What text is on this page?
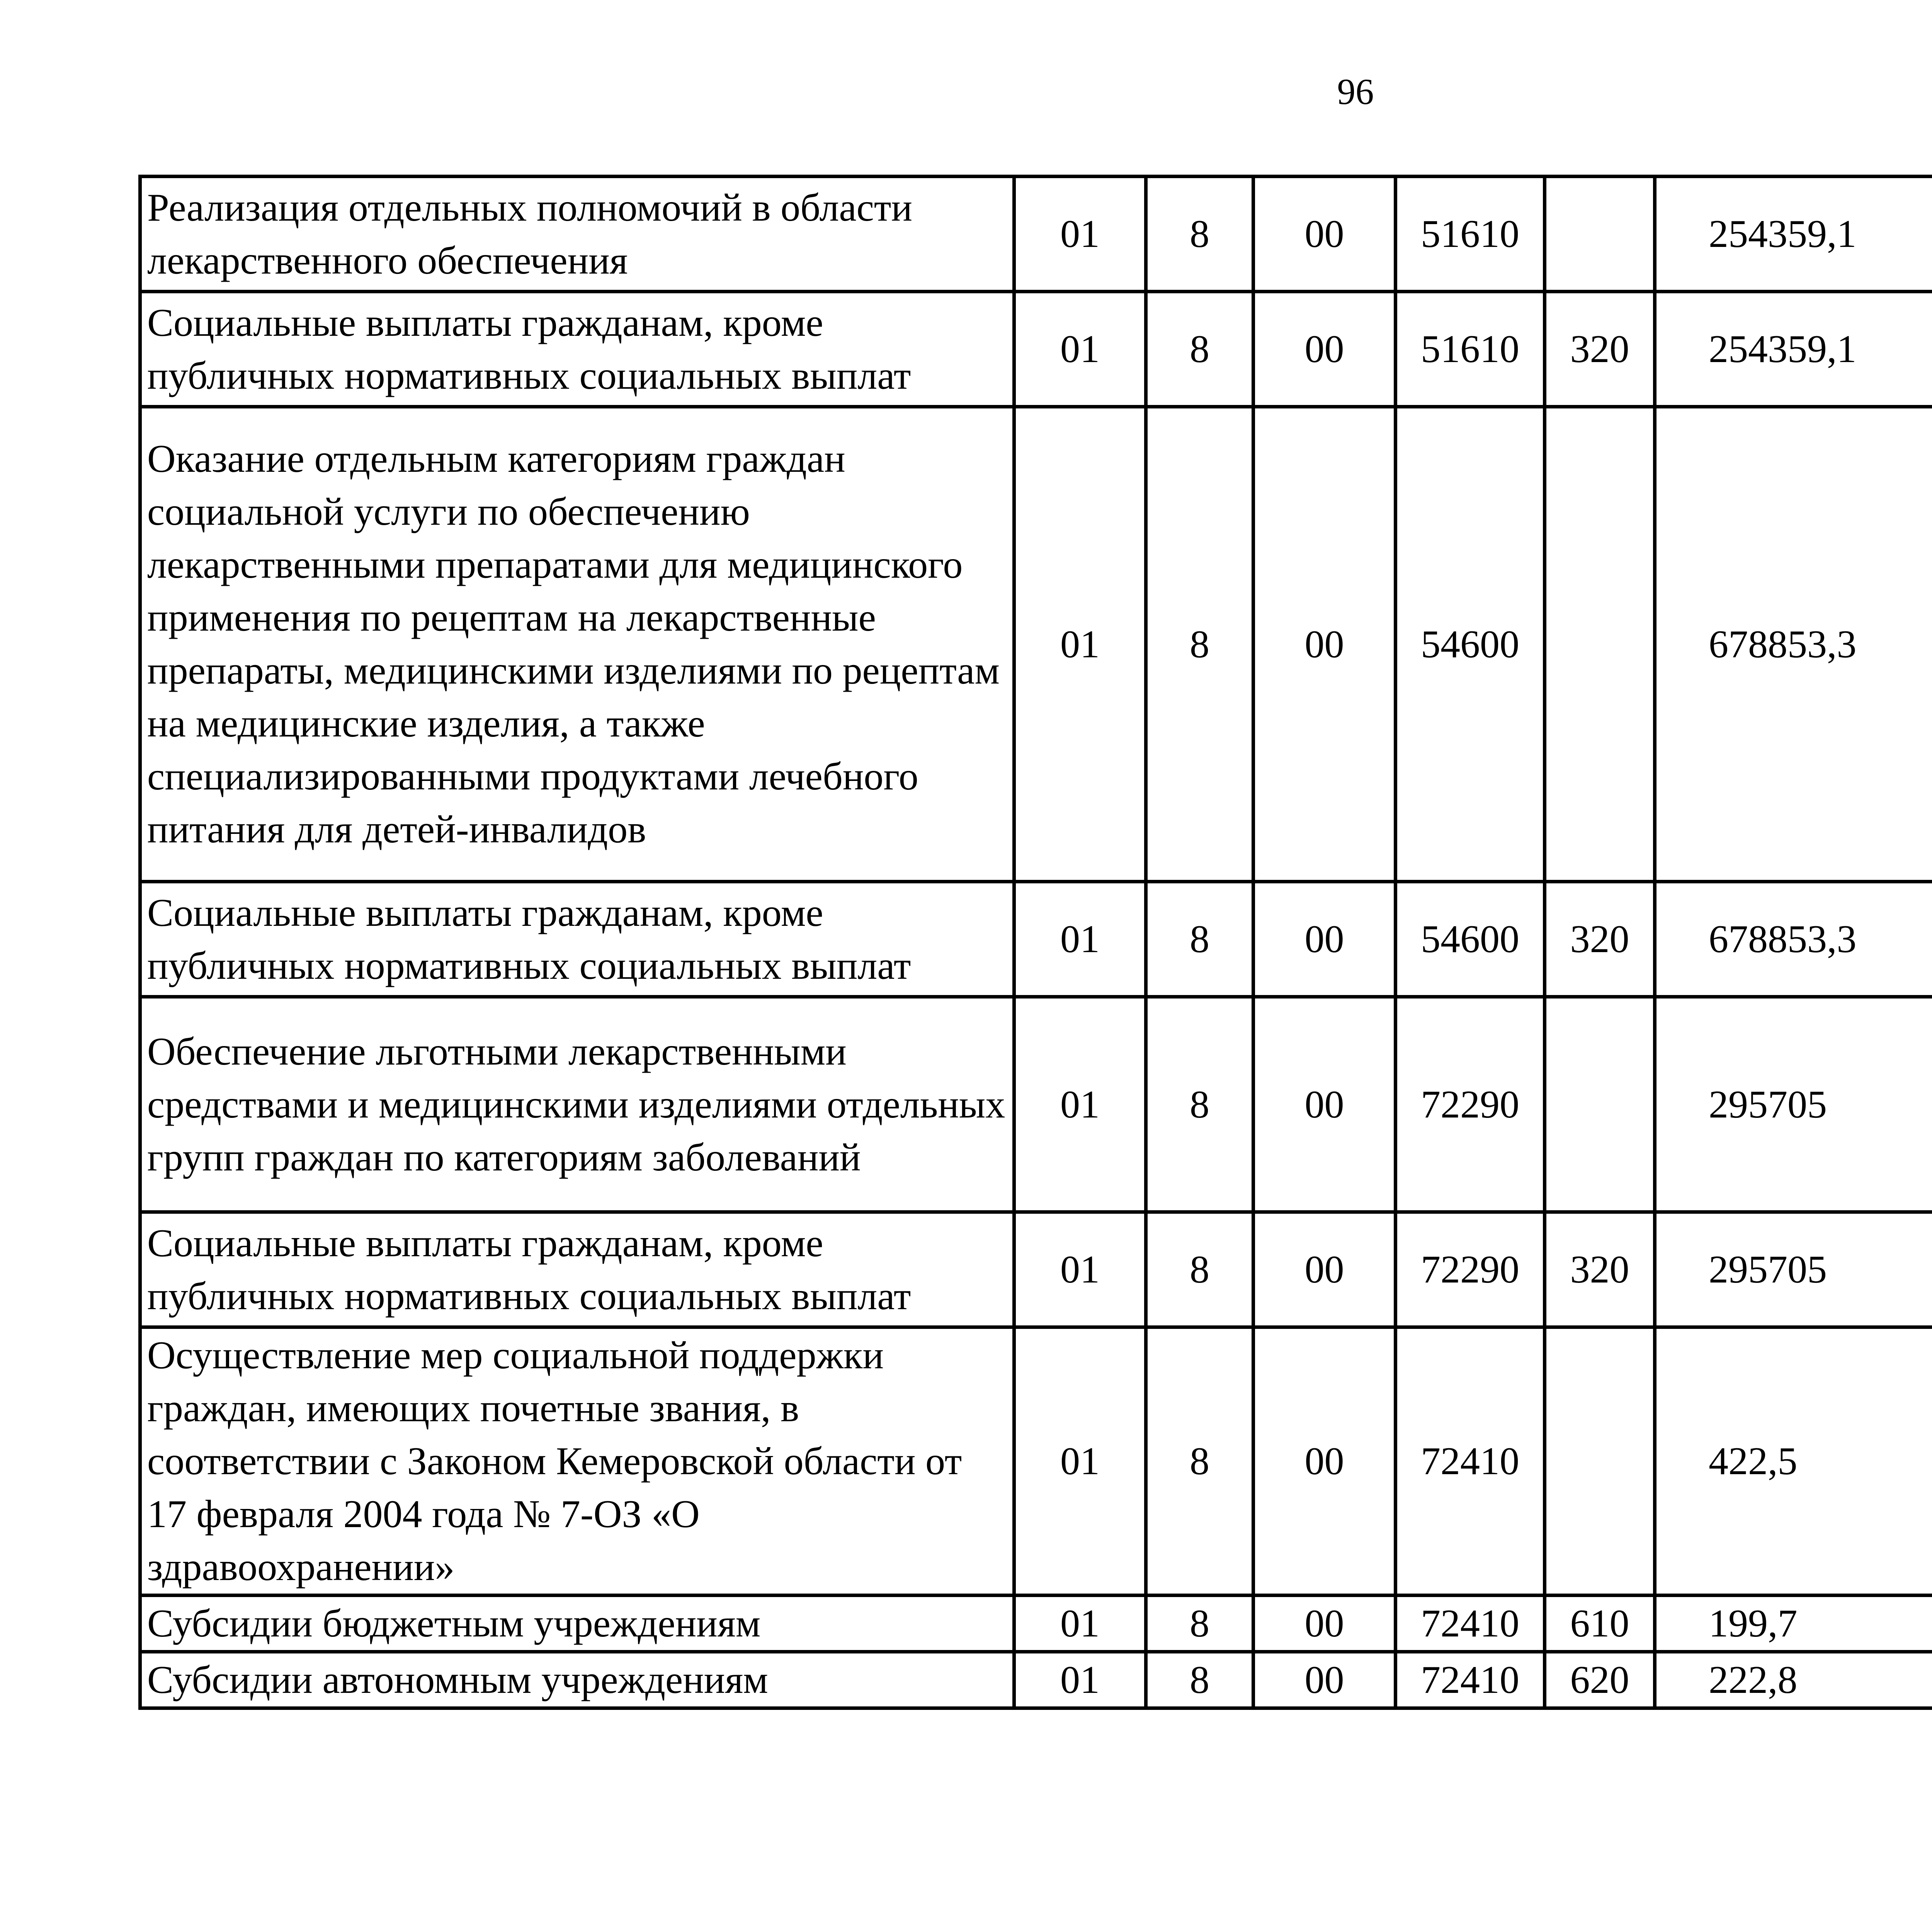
96
Реализация отдельных полномочий в области лекарственного обеспечения	01	8	00	51610		254359,1		
Социальные выплаты гражданам, кроме публичных нормативных социальных выплат	01	8	00	51610	320	254359,1		
Оказание отдельным категориям граждан социальной услуги по обеспечению лекарственными препаратами для медицинского применения по рецептам на лекарственные препараты, медицинскими изделиями по рецептам на медицинские изделия, а также специализированными продуктами лечебного питания для детей-инвалидов	01	8	00	54600		678853,3		
Социальные выплаты гражданам, кроме публичных нормативных социальных выплат	01	8	00	54600	320	678853,3		
Обеспечение льготными лекарственными средствами и медицинскими изделиями отдельных групп граждан по категориям заболеваний	01	8	00	72290		295705		
Социальные выплаты гражданам, кроме публичных нормативных социальных выплат	01	8	00	72290	320	295705		
Осуществление мер социальной поддержки граждан, имеющих почетные звания, в соответствии с Законом Кемеровской области от 17 февраля 2004 года № 7-ОЗ «О здравоохранении»	01	8	00	72410		422,5		
Субсидии бюджетным учреждениям	01	8	00	72410	610	199,7		
Субсидии автономным учреждениям	01	8	00	72410	620	222,8		
